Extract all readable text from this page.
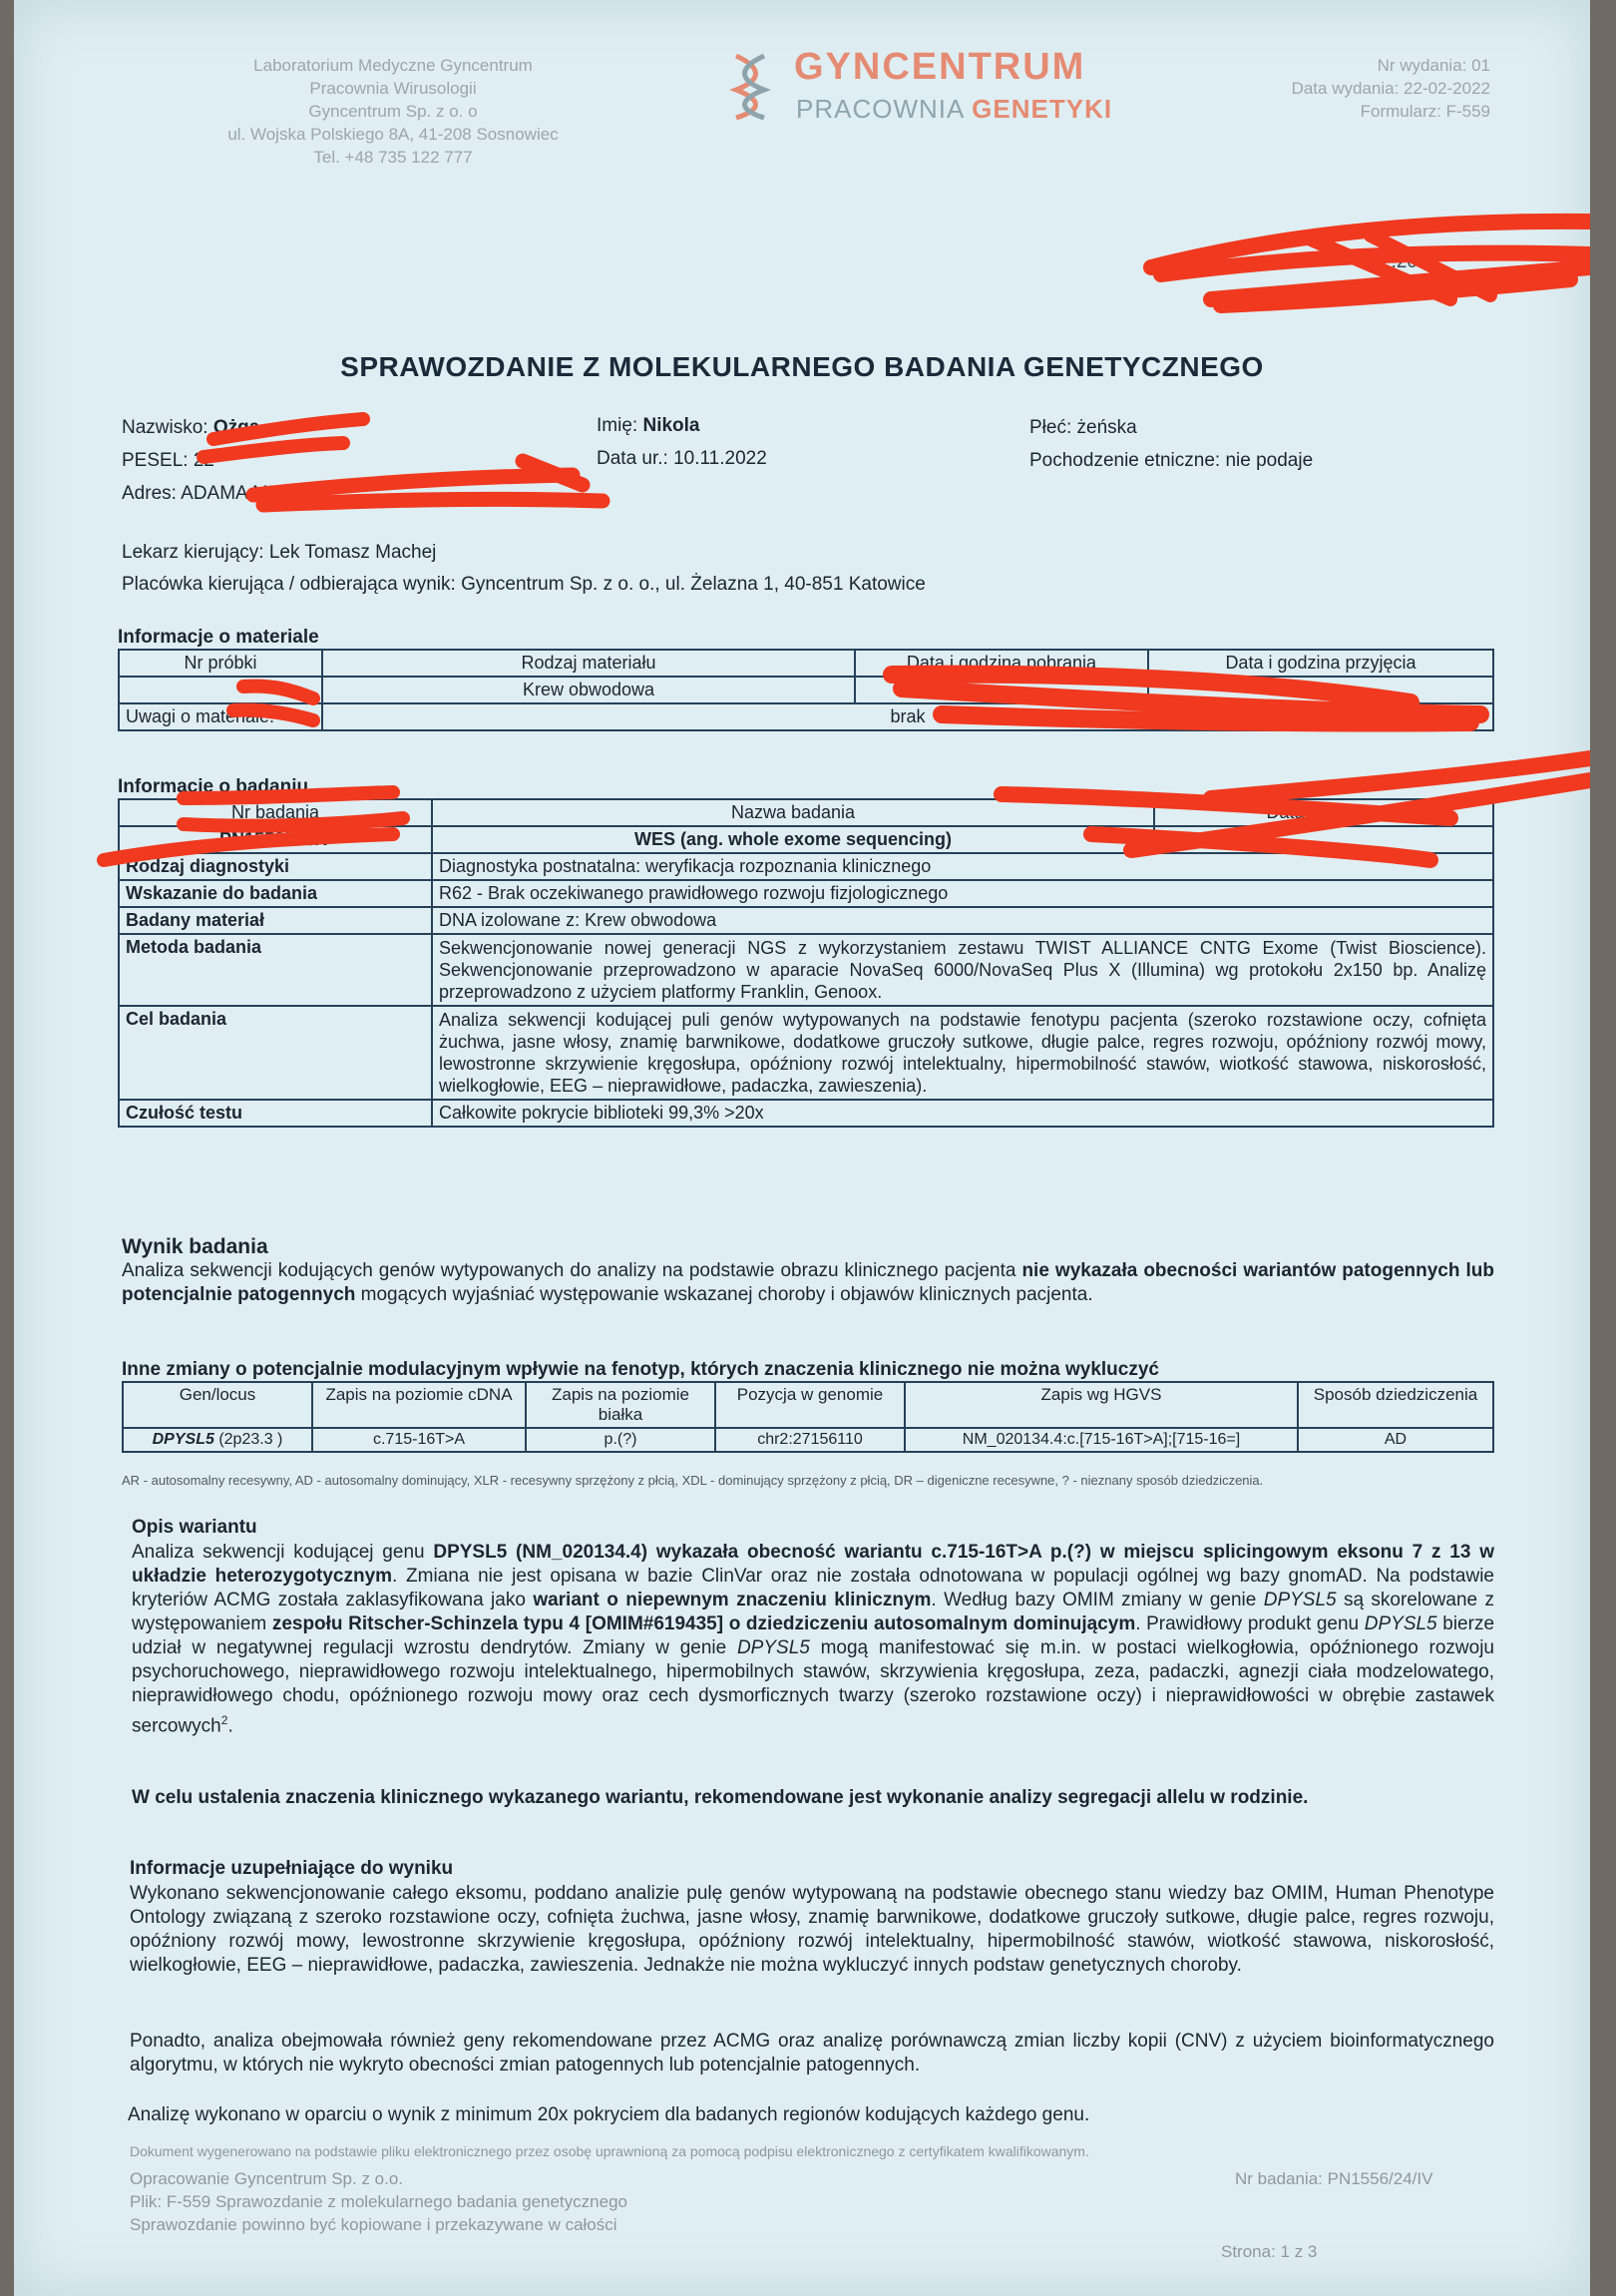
Laboratorium Medyczne Gyncentrum
Pracownia Wirusologii
Gyncentrum Sp. z o. o
ul. Wojska Polskiego 8A, 41-208 Sosnowiec
Tel. +48 735 122 777
GYNCENTRUM
PRACOWNIA GENETYKI
Nr wydania: 01
Data wydania: 22-02-2022
Formularz: F-559
2.202
SPRAWOZDANIE Z MOLEKULARNEGO BADANIA GENETYCZNEGO
Nazwisko: Ożga
PESEL: 22
Adres: ADAMA MIC
Imię: Nikola
Data ur.: 10.11.2022
Płeć: żeńska
Pochodzenie etniczne: nie podaje
Lekarz kierujący: Lek Tomasz Machej
Placówka kierująca / odbierająca wynik: Gyncentrum Sp. z o. o., ul. Żelazna 1, 40-851 Katowice
Informacje o materiale
Nr próbki	Rodzaj materiału	Data i godzina pobrania	Data i godzina przyjęcia
	Krew obwodowa		
Uwagi o materiale:	brak		
Informacje o badaniu
Nr badania	Nazwa badania	Data i godzina
PN1556/24/IV	WES (ang. whole exome sequencing)	
Rodzaj diagnostyki	Diagnostyka postnatalna: weryfikacja rozpoznania klinicznego	
Wskazanie do badania	R62 - Brak oczekiwanego prawidłowego rozwoju fizjologicznego	
Badany materiał	DNA izolowane z: Krew obwodowa	
Metoda badania	Sekwencjonowanie nowej generacji NGS z wykorzystaniem zestawu TWIST ALLIANCE CNTG Exome (Twist Bioscience). Sekwencjonowanie przeprowadzono w aparacie NovaSeq 6000/NovaSeq Plus X (Illumina) wg protokołu 2x150 bp. Analizę przeprowadzono z użyciem platformy Franklin, Genoox.	
Cel badania	Analiza sekwencji kodującej puli genów wytypowanych na podstawie fenotypu pacjenta (szeroko rozstawione oczy, cofnięta żuchwa, jasne włosy, znamię barwnikowe, dodatkowe gruczoły sutkowe, długie palce, regres rozwoju, opóźniony rozwój mowy, lewostronne skrzywienie kręgosłupa, opóźniony rozwój intelektualny, hipermobilność stawów, wiotkość stawowa, niskorosłość, wielkogłowie, EEG – nieprawidłowe, padaczka, zawieszenia).	
Czułość testu	Całkowite pokrycie biblioteki 99,3% >20x	
Wynik badania
Analiza sekwencji kodujących genów wytypowanych do analizy na podstawie obrazu klinicznego pacjenta nie wykazała obecności wariantów patogennych lub potencjalnie patogennych mogących wyjaśniać występowanie wskazanej choroby i objawów klinicznych pacjenta.
Inne zmiany o potencjalnie modulacyjnym wpływie na fenotyp, których znaczenia klinicznego nie można wykluczyć
Gen/locus	Zapis na poziomie cDNA	Zapis na poziomie białka	Pozycja w genomie	Zapis wg HGVS	Sposób dziedziczenia
DPYSL5 (2p23.3 )	c.715-16T>A	p.(?)	chr2:27156110	NM_020134.4:c.[715-16T>A];[715-16=]	AD
AR - autosomalny recesywny, AD - autosomalny dominujący, XLR - recesywny sprzężony z płcią, XDL - dominujący sprzężony z płcią, DR – digeniczne recesywne, ? - nieznany sposób dziedziczenia.
Opis wariantu
Analiza sekwencji kodującej genu DPYSL5 (NM_020134.4) wykazała obecność wariantu c.715-16T>A p.(?) w miejscu splicingowym eksonu 7 z 13 w układzie heterozygotycznym. Zmiana nie jest opisana w bazie ClinVar oraz nie została odnotowana w populacji ogólnej wg bazy gnomAD. Na podstawie kryteriów ACMG została zaklasyfikowana jako wariant o niepewnym znaczeniu klinicznym. Według bazy OMIM zmiany w genie DPYSL5 są skorelowane z występowaniem zespołu Ritscher-Schinzela typu 4 [OMIM#619435] o dziedziczeniu autosomalnym dominującym. Prawidłowy produkt genu DPYSL5 bierze udział w negatywnej regulacji wzrostu dendrytów. Zmiany w genie DPYSL5 mogą manifestować się m.in. w postaci wielkogłowia, opóźnionego rozwoju psychoruchowego, nieprawidłowego rozwoju intelektualnego, hipermobilnych stawów, skrzywienia kręgosłupa, zeza, padaczki, agnezji ciała modzelowatego, nieprawidłowego chodu, opóźnionego rozwoju mowy oraz cech dysmorficznych twarzy (szeroko rozstawione oczy) i nieprawidłowości w obrębie zastawek sercowych$^2$.
W celu ustalenia znaczenia klinicznego wykazanego wariantu, rekomendowane jest wykonanie analizy segregacji allelu w rodzinie.
Informacje uzupełniające do wyniku
Wykonano sekwencjonowanie całego eksomu, poddano analizie pulę genów wytypowaną na podstawie obecnego stanu wiedzy baz OMIM, Human Phenotype Ontology związaną z szeroko rozstawione oczy, cofnięta żuchwa, jasne włosy, znamię barwnikowe, dodatkowe gruczoły sutkowe, długie palce, regres rozwoju, opóźniony rozwój mowy, lewostronne skrzywienie kręgosłupa, opóźniony rozwój intelektualny, hipermobilność stawów, wiotkość stawowa, niskorosłość, wielkogłowie, EEG – nieprawidłowe, padaczka, zawieszenia. Jednakże nie można wykluczyć innych podstaw genetycznych choroby.
Ponadto, analiza obejmowała również geny rekomendowane przez ACMG oraz analizę porównawczą zmian liczby kopii (CNV) z użyciem bioinformatycznego algorytmu, w których nie wykryto obecności zmian patogennych lub potencjalnie patogennych.
Analizę wykonano w oparciu o wynik z minimum 20x pokryciem dla badanych regionów kodujących każdego genu.
Dokument wygenerowano na podstawie pliku elektronicznego przez osobę uprawnioną za pomocą podpisu elektronicznego z certyfikatem kwalifikowanym.
Opracowanie Gyncentrum Sp. z o.o.
Plik: F-559 Sprawozdanie z molekularnego badania genetycznego
Sprawozdanie powinno być kopiowane i przekazywane w całości
Nr badania: PN1556/24/IV
Strona: 1 z 3
